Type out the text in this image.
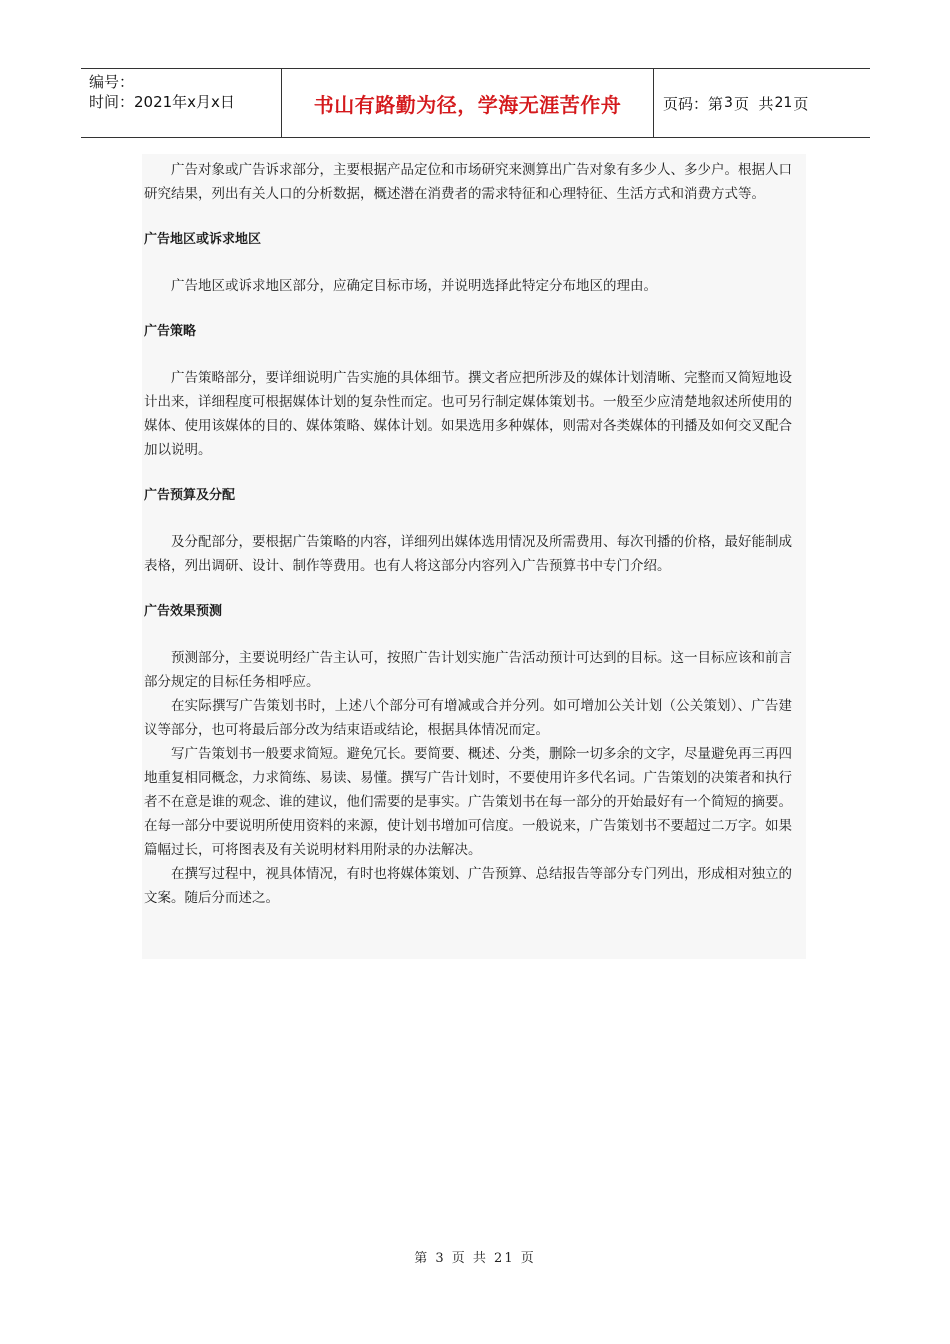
编号：
时间：2021年x月x日	书山有路勤为径，学海无涯苦作舟	页码：第 3 页  共 21 页

广告对象或广告诉求部分，主要根据产品定位和市场研究来测算出广告对象有多少人、多少户。根据人口研究结果，列出有关人口的分析数据，概述潜在消费者的需求特征和心理特征、生活方式和消费方式等。

广告地区或诉求地区

广告地区或诉求地区部分，应确定目标市场，并说明选择此特定分布地区的理由。

广告策略

广告策略部分，要详细说明广告实施的具体细节。撰文者应把所涉及的媒体计划清晰、完整而又简短地设计出来，详细程度可根据媒体计划的复杂性而定。也可另行制定媒体策划书。一般至少应清楚地叙述所使用的媒体、使用该媒体的目的、媒体策略、媒体计划。如果选用多种媒体，则需对各类媒体的刊播及如何交叉配合加以说明。

广告预算及分配

及分配部分，要根据广告策略的内容，详细列出媒体选用情况及所需费用、每次刊播的价格，最好能制成表格，列出调研、设计、制作等费用。也有人将这部分内容列入广告预算书中专门介绍。

广告效果预测

预测部分，主要说明经广告主认可，按照广告计划实施广告活动预计可达到的目标。这一目标应该和前言部分规定的目标任务相呼应。

在实际撰写广告策划书时，上述八个部分可有增减或合并分列。如可增加公关计划（公关策划）、广告建议等部分，也可将最后部分改为结束语或结论，根据具体情况而定。

写广告策划书一般要求简短。避免冗长。要简要、概述、分类，删除一切多余的文字，尽量避免再三再四地重复相同概念，力求简练、易读、易懂。撰写广告计划时，不要使用许多代名词。广告策划的决策者和执行者不在意是谁的观念、谁的建议，他们需要的是事实。广告策划书在每一部分的开始最好有一个简短的摘要。在每一部分中要说明所使用资料的来源，使计划书增加可信度。一般说来，广告策划书不要超过二万字。如果篇幅过长，可将图表及有关说明材料用附录的办法解决。

在撰写过程中，视具体情况，有时也将媒体策划、广告预算、总结报告等部分专门列出，形成相对独立的文案。随后分而述之。

第 3 页 共 21 页
